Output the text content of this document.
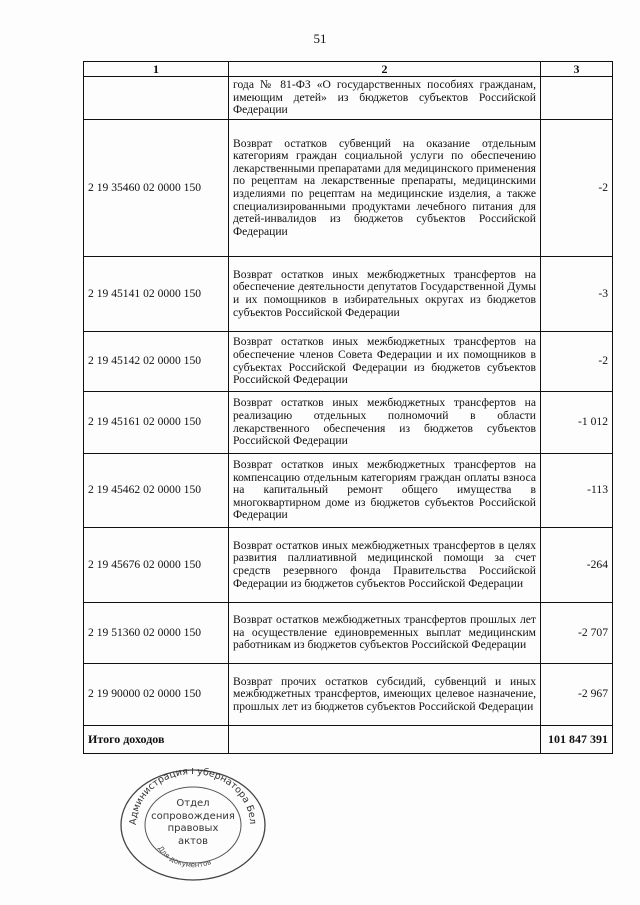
51
1	2	3
	года № 81-ФЗ «О государственных пособиях гражданам, имеющим детей» из бюджетов субъектов Российской Федерации	
2 19 35460 02 0000 150	Возврат остатков субвенций на оказание отдельным категориям граждан социальной услуги по обеспечению лекарственными препаратами для медицинского применения по рецептам на лекарственные препараты, медицинскими изделиями по рецептам на медицинские изделия, а также специализированными продуктами лечебного питания для детей-инвалидов из бюджетов субъектов Российской Федерации	-2
2 19 45141 02 0000 150	Возврат остатков иных межбюджетных трансфертов на обеспечение деятельности депутатов Государственной Думы и их помощников в избирательных округах из бюджетов субъектов Российской Федерации	-3
2 19 45142 02 0000 150	Возврат остатков иных межбюджетных трансфертов на обеспечение членов Совета Федерации и их помощников в субъектах Российской Федерации из бюджетов субъектов Российской Федерации	-2
2 19 45161 02 0000 150	Возврат остатков иных межбюджетных трансфертов на реализацию отдельных полномочий в области лекарственного обеспечения из бюджетов субъектов Российской Федерации	-1 012
2 19 45462 02 0000 150	Возврат остатков иных межбюджетных трансфертов на компенсацию отдельным категориям граждан оплаты взноса на капитальный ремонт общего имущества в многоквартирном доме из бюджетов субъектов Российской Федерации	-113
2 19 45676 02 0000 150	Возврат остатков иных межбюджетных трансфертов в целях развития паллиативной медицинской помощи за счет средств резервного фонда Правительства Российской Федерации из бюджетов субъектов Российской Федерации	-264
2 19 51360 02 0000 150	Возврат остатков межбюджетных трансфертов прошлых лет на осуществление единовременных выплат медицинским работникам из бюджетов субъектов Российской Федерации	-2 707
2 19 90000 02 0000 150	Возврат прочих остатков субсидий, субвенций и иных межбюджетных трансфертов, имеющих целевое назначение, прошлых лет из бюджетов субъектов Российской Федерации	-2 967
Итого доходов		101 847 391
Администрация Губернатора Бел
Для документов
Отдел
сопровождения
правовых
актов
